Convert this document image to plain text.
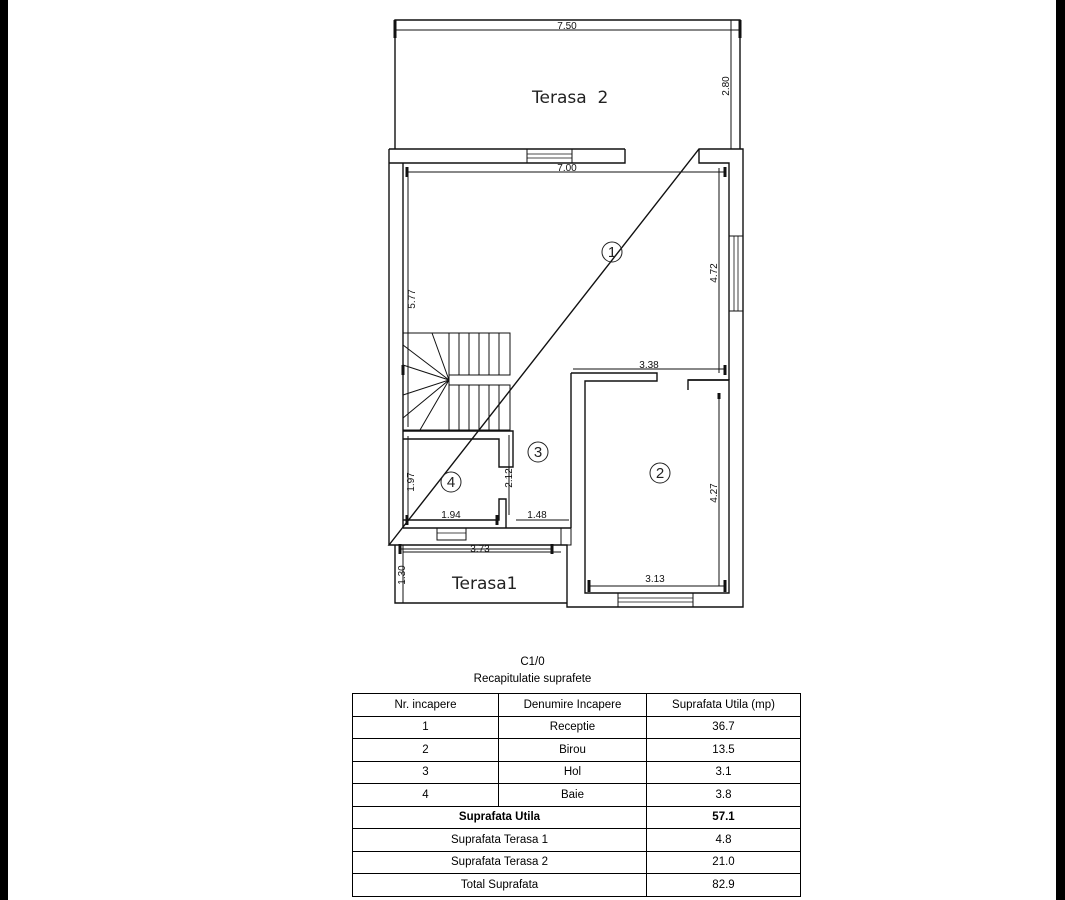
7.50
2.80
7.00
4.72
5.77
3.38
4.27
3.13
1.97	2.12
1.94	1.48
3.73
1.30
Terasa  2
Terasa1
1
2
3
4
C1/0
Recapitulatie suprafete
Nr. incapere	Denumire Incapere	Suprafata Utila (mp)
1	Receptie	36.7
2	Birou	13.5
3	Hol	3.1
4	Baie	3.8
Suprafata Utila		57.1
Suprafata Terasa 1		4.8
Suprafata Terasa 2		21.0
Total Suprafata		82.9
